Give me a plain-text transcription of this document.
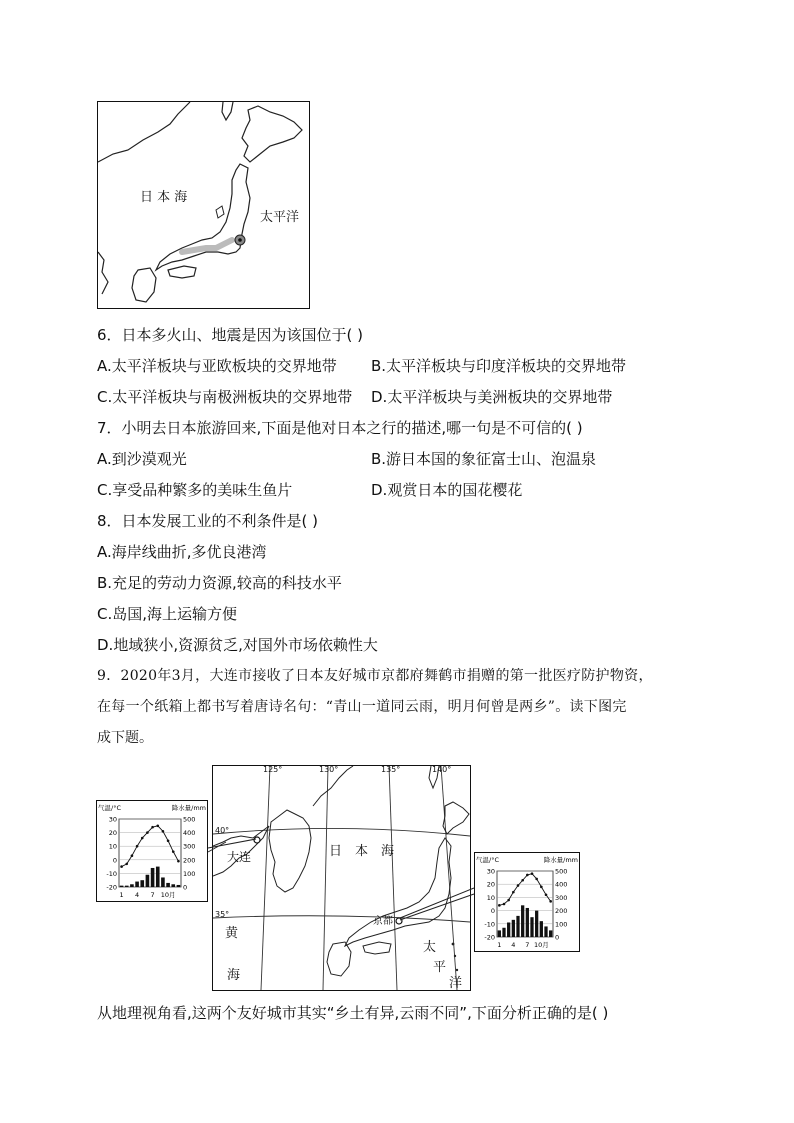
日 本 海
太平洋
6．日本多火山、地震是因为该国位于( )
A.太平洋板块与亚欧板块的交界地带 B.太平洋板块与印度洋板块的交界地带
C.太平洋板块与南极洲板块的交界地带 D.太平洋板块与美洲板块的交界地带
7．小明去日本旅游回来,下面是他对日本之行的描述,哪一句是不可信的( )
A.到沙漠观光	B.游日本国的象征富士山、泡温泉
C.享受品种繁多的美味生鱼片	D.观赏日本的国花樱花
8．日本发展工业的不利条件是( )
A.海岸线曲折,多优良港湾
B.充足的劳动力资源,较高的科技水平
C.岛国,海上运输方便
D.地域狭小,资源贫乏,对国外市场依赖性大
9．2020年3月，大连市接收了日本友好城市京都府舞鹤市捐赠的第一批医疗防护物资，
在每一个纸箱上都书写着唐诗名句：“青山一道同云雨，明月何曾是两乡”。读下图完
成下题。
125°	130°	135°	140°
40°
35°
大连
京都
日　本　海
黄
海
太
平
洋
气温/°C	降水量/mm
30
20
10
0
-10
-20
500
400
300
200
100
0
1 4 7 10月
气温/°C	降水量/mm
30
20
10
0
-10
-20
500
400
300
200
100
0
1 4 7 10月
从地理视角看,这两个友好城市其实“乡土有异,云雨不同”,下面分析正确的是( )
